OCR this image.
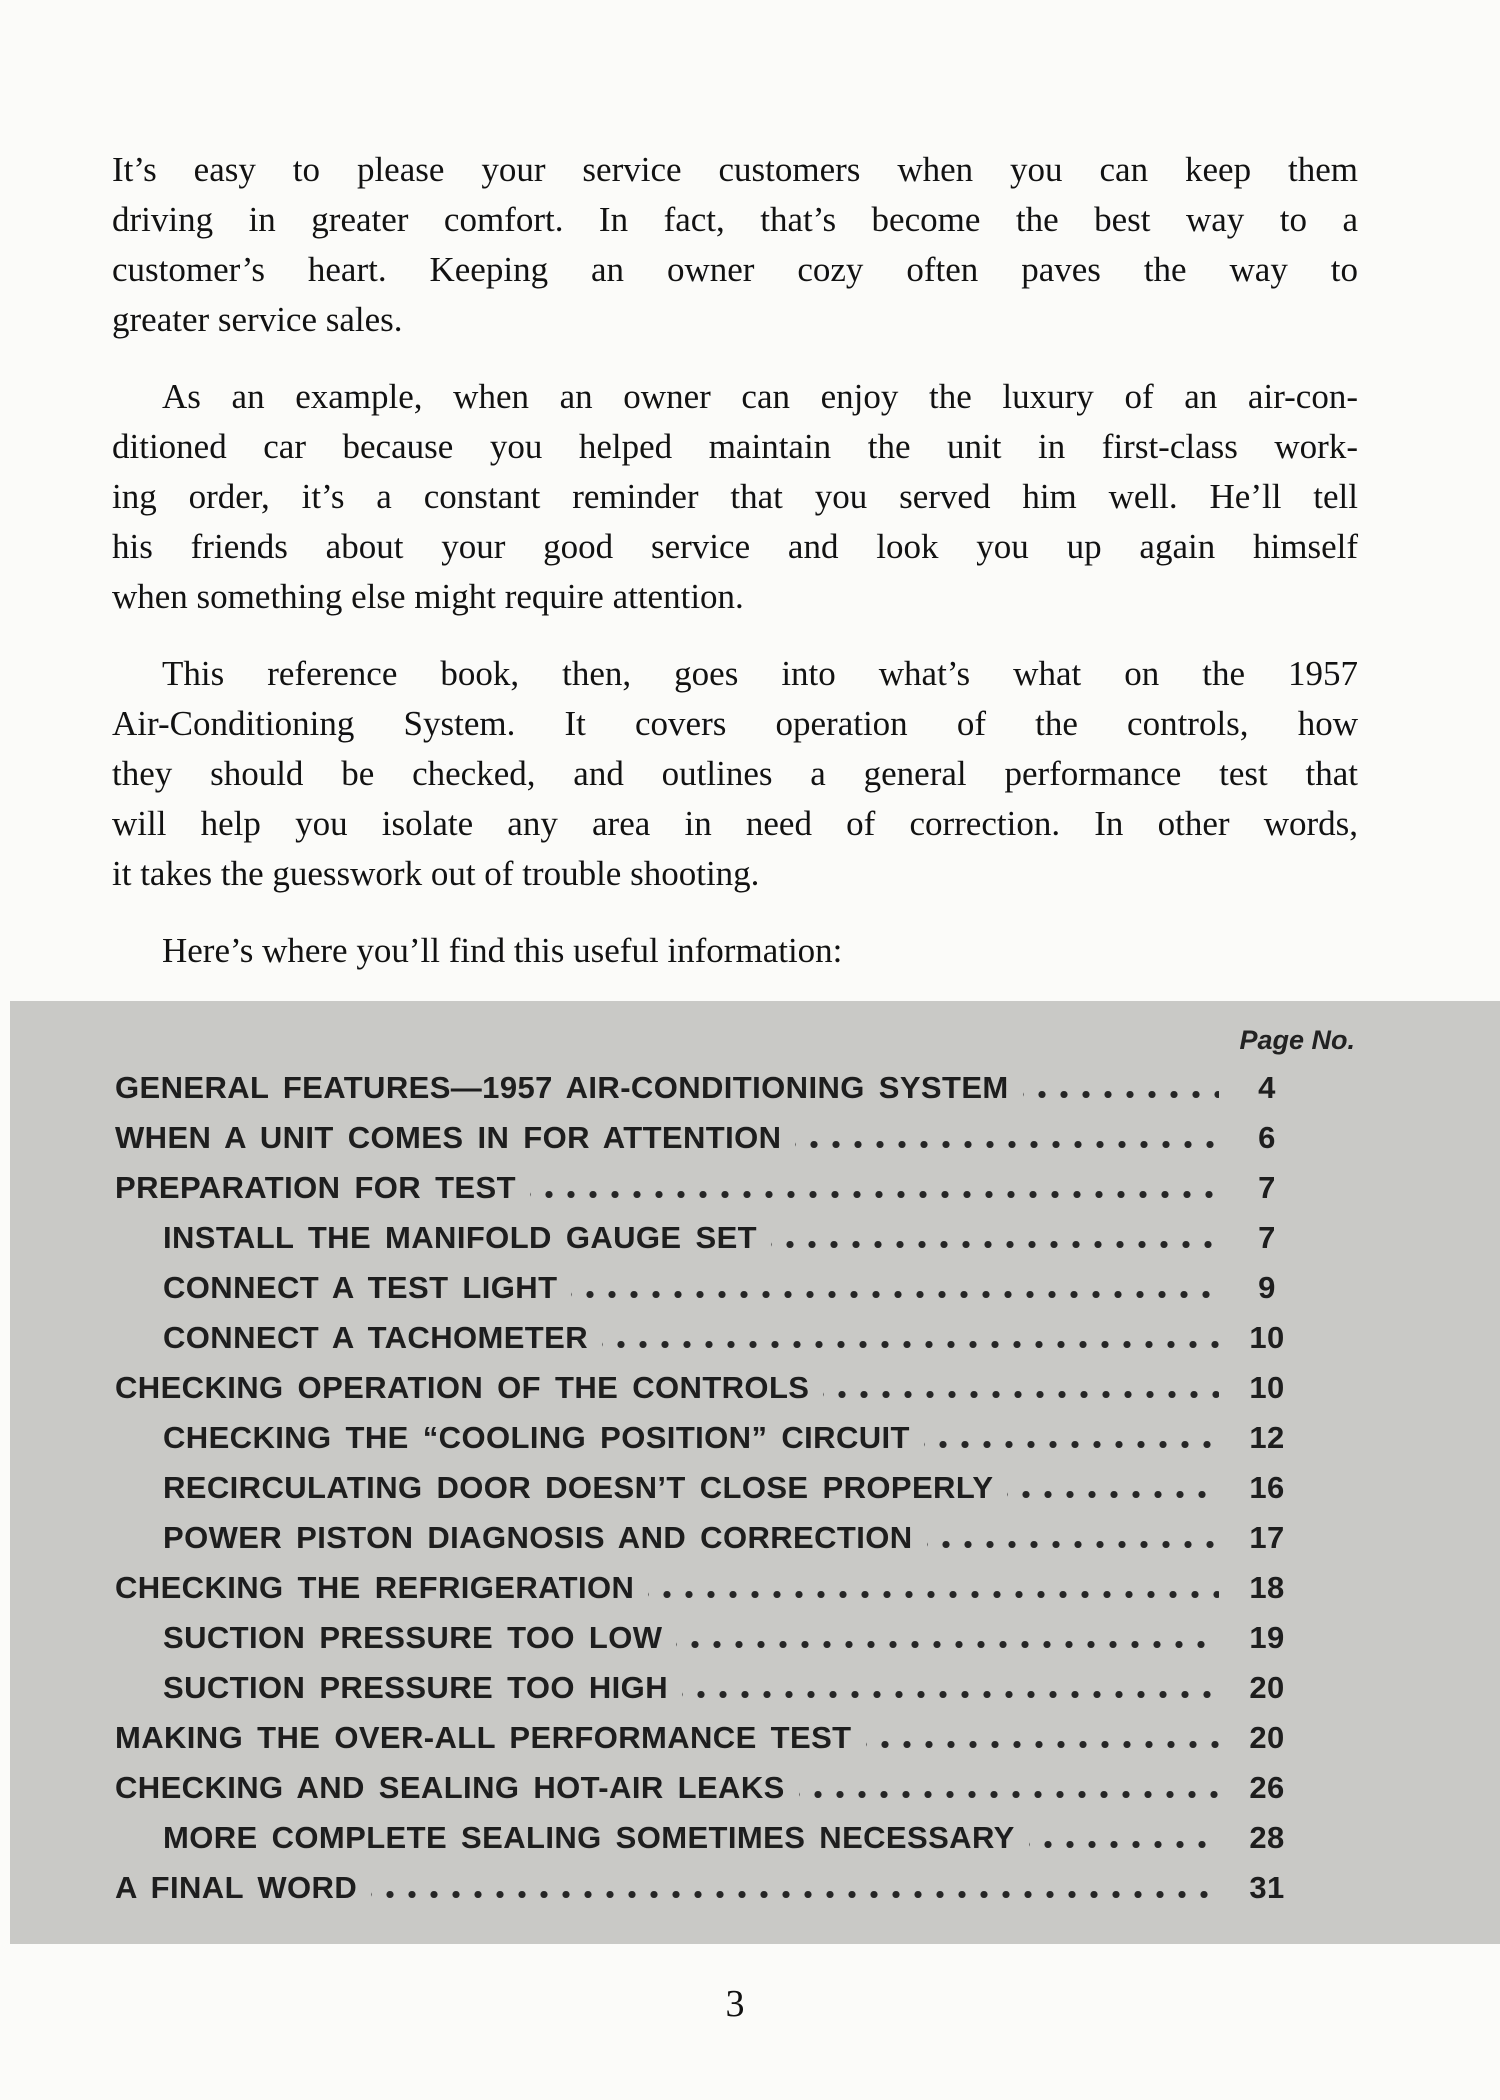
It’s easy to please your service customers when you can keep them
driving in greater comfort. In fact, that’s become the best way to a
customer’s heart. Keeping an owner cozy often paves the way to
greater service sales.
As an example, when an owner can enjoy the luxury of an air-con-
ditioned car because you helped maintain the unit in first-class work-
ing order, it’s a constant reminder that you served him well. He’ll tell
his friends about your good service and look you up again himself
when something else might require attention.
This reference book, then, goes into what’s what on the 1957
Air-Conditioning System. It covers operation of the controls, how
they should be checked, and outlines a general performance test that
will help you isolate any area in need of correction. In other words,
it takes the guesswork out of trouble shooting.
Here’s where you’ll find this useful information:
Page No.
GENERAL FEATURES—1957 AIR-CONDITIONING SYSTEM	4
WHEN A UNIT COMES IN FOR ATTENTION	6
PREPARATION FOR TEST	7
INSTALL THE MANIFOLD GAUGE SET	7
CONNECT A TEST LIGHT	9
CONNECT A TACHOMETER	10
CHECKING OPERATION OF THE CONTROLS	10
CHECKING THE “COOLING POSITION” CIRCUIT	12
RECIRCULATING DOOR DOESN’T CLOSE PROPERLY	16
POWER PISTON DIAGNOSIS AND CORRECTION	17
CHECKING THE REFRIGERATION	18
SUCTION PRESSURE TOO LOW	19
SUCTION PRESSURE TOO HIGH	20
MAKING THE OVER-ALL PERFORMANCE TEST	20
CHECKING AND SEALING HOT-AIR LEAKS	26
MORE COMPLETE SEALING SOMETIMES NECESSARY	28
A FINAL WORD	31
3
